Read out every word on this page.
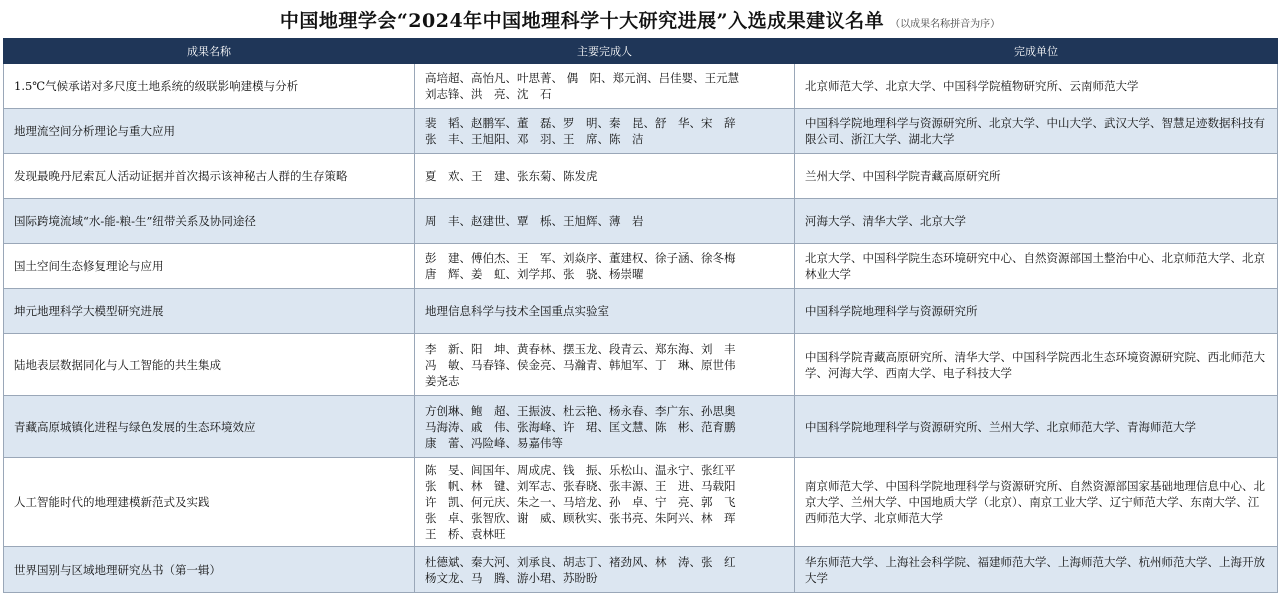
中国地理学会“2024年中国地理科学十大研究进展”入选成果建议名单 （以成果名称拼音为序）
成果名称	主要完成人	完成单位
1.5℃气候承诺对多尺度土地系统的级联影响建模与分析	高培超、高怡凡、叶思菁、 偶　阳、郑元润、吕佳婴、王元慧
刘志锋、洪　亮、沈　石	北京师范大学、北京大学、中国科学院植物研究所、云南师范大学
地理流空间分析理论与重大应用	裴　韬、赵鹏军、董　磊、罗　明、秦　昆、舒　华、宋　辞
张　丰、王旭阳、邓　羽、王　席、陈　洁	中国科学院地理科学与资源研究所、北京大学、中山大学、武汉大学、智慧足迹数据科技有限公司、浙江大学、湖北大学
发现最晚丹尼索瓦人活动证据并首次揭示该神秘古人群的生存策略	夏　欢、王　建、张东菊、陈发虎	兰州大学、中国科学院青藏高原研究所
国际跨境流域“水-能-粮-生”纽带关系及协同途径	周　丰、赵建世、覃　栎、王旭辉、薄　岩	河海大学、清华大学、北京大学
国土空间生态修复理论与应用	彭　建、傅伯杰、王　军、刘焱序、董建权、徐子涵、徐冬梅
唐　辉、姜　虹、刘学邦、张　骁、杨崇曜	北京大学、中国科学院生态环境研究中心、自然资源部国土整治中心、北京师范大学、北京林业大学
坤元地理科学大模型研究进展	地理信息科学与技术全国重点实验室	中国科学院地理科学与资源研究所
陆地表层数据同化与人工智能的共生集成	李　新、阳　坤、黄春林、摆玉龙、段青云、郑东海、刘　丰
冯　敏、马春锋、侯金亮、马瀚青、韩旭军、丁　琳、原世伟
姜尧志	中国科学院青藏高原研究所、清华大学、中国科学院西北生态环境资源研究院、西北师范大学、河海大学、西南大学、电子科技大学
青藏高原城镇化进程与绿色发展的生态环境效应	方创琳、鲍　超、王振波、杜云艳、杨永春、李广东、孙思奥
马海涛、戚　伟、张海峰、许　珺、匡文慧、陈　彬、范育鹏
康　蕾、冯险峰、易嘉伟等	中国科学院地理科学与资源研究所、兰州大学、北京师范大学、青海师范大学
人工智能时代的地理建模新范式及实践	陈　旻、闾国年、周成虎、钱　振、乐松山、温永宁、张红平
张　帆、林　键、刘军志、张春晓、张丰源、王　进、马载阳
许　凯、何元庆、朱之一、马培龙、孙　卓、宁　亮、郭　飞
张　卓、张智欣、谢　威、顾秋实、张书亮、朱阿兴、林　珲
王　桥、袁林旺	南京师范大学、中国科学院地理科学与资源研究所、自然资源部国家基础地理信息中心、北京大学、兰州大学、中国地质大学（北京）、南京工业大学、辽宁师范大学、东南大学、江西师范大学、北京师范大学
世界国别与区域地理研究丛书（第一辑）	杜德斌、秦大河、刘承良、胡志丁、褚劲风、林　涛、张　红
杨文龙、马　腾、游小珺、苏盼盼	华东师范大学、上海社会科学院、福建师范大学、上海师范大学、杭州师范大学、上海开放大学
